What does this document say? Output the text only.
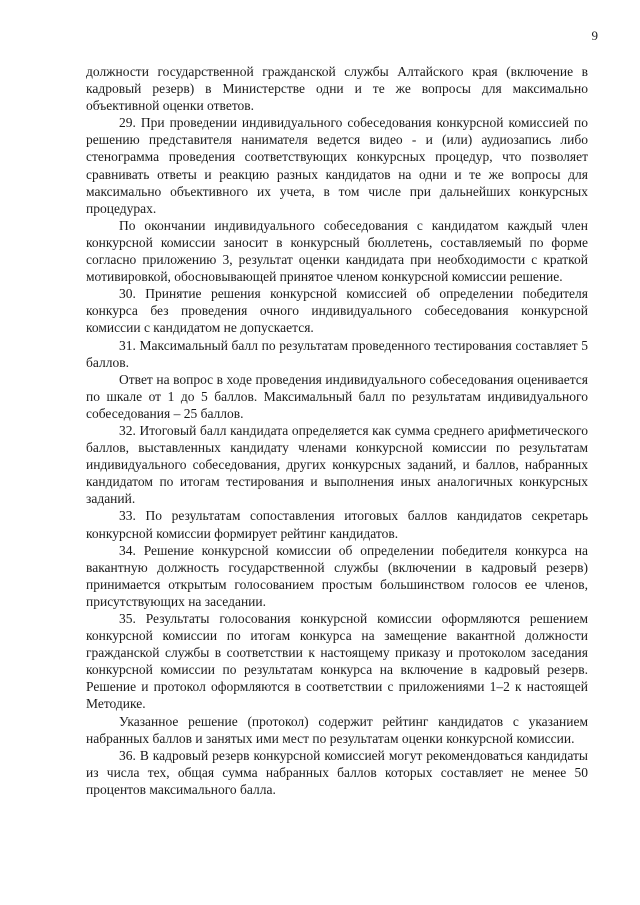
9

должности государственной гражданской службы Алтайского края (включение в кадровый резерв) в Министерстве одни и те же вопросы для максимально объективной оценки ответов.

29. При проведении индивидуального собеседования конкурсной комиссией по решению представителя нанимателя ведется видео - и (или) аудиозапись либо стенограмма проведения соответствующих конкурсных процедур, что позволяет сравнивать ответы и реакцию разных кандидатов на одни и те же вопросы для максимально объективного их учета, в том числе при дальнейших конкурсных процедурах.

По окончании индивидуального собеседования с кандидатом каждый член конкурсной комиссии заносит в конкурсный бюллетень, составляемый по форме согласно приложению 3, результат оценки кандидата при необходимости с краткой мотивировкой, обосновывающей принятое членом конкурсной комиссии решение.

30. Принятие решения конкурсной комиссией об определении победителя конкурса без проведения очного индивидуального собеседования конкурсной комиссии с кандидатом не допускается.

31. Максимальный балл по результатам проведенного тестирования составляет 5 баллов.

Ответ на вопрос в ходе проведения индивидуального собеседования оценивается по шкале от 1 до 5 баллов. Максимальный балл по результатам индивидуального собеседования – 25 баллов.

32. Итоговый балл кандидата определяется как сумма среднего арифметического баллов, выставленных кандидату членами конкурсной комиссии по результатам индивидуального собеседования, других конкурсных заданий, и баллов, набранных кандидатом по итогам тестирования и выполнения иных аналогичных конкурсных заданий.

33. По результатам сопоставления итоговых баллов кандидатов секретарь конкурсной комиссии формирует рейтинг кандидатов.

34. Решение конкурсной комиссии об определении победителя конкурса на вакантную должность государственной службы (включении в кадровый резерв) принимается открытым голосованием простым большинством голосов ее членов, присутствующих на заседании.

35. Результаты голосования конкурсной комиссии оформляются решением конкурсной комиссии по итогам конкурса на замещение вакантной должности гражданской службы в соответствии к настоящему приказу и протоколом заседания конкурсной комиссии по результатам конкурса на включение в кадровый резерв. Решение и протокол оформляются в соответствии с приложениями 1–2 к настоящей Методике.

Указанное решение (протокол) содержит рейтинг кандидатов с указанием набранных баллов и занятых ими мест по результатам оценки конкурсной комиссии.

36. В кадровый резерв конкурсной комиссией могут рекомендоваться кандидаты из числа тех, общая сумма набранных баллов которых составляет не менее 50 процентов максимального балла.
